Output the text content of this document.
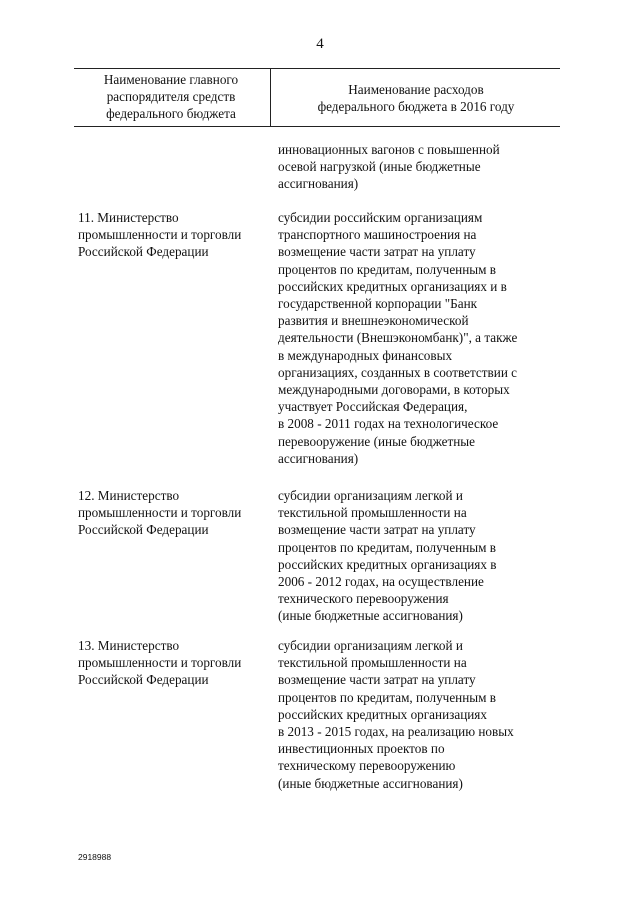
4
Наименование главного
распорядителя средств
федерального бюджета
Наименование расходов
федерального бюджета в 2016 году
инновационных вагонов с повышенной
осевой нагрузкой (иные бюджетные
ассигнования)
11. Министерство
промышленности и торговли
Российской Федерации
субсидии российским организациям
транспортного машиностроения на
возмещение части затрат на уплату
процентов по кредитам, полученным в
российских кредитных организациях и в
государственной корпорации "Банк
развития и внешнеэкономической
деятельности (Внешэкономбанк)", а также
в международных финансовых
организациях, созданных в соответствии с
международными договорами, в которых
участвует Российская Федерация,
в 2008 - 2011 годах на технологическое
перевооружение (иные бюджетные
ассигнования)
12. Министерство
промышленности и торговли
Российской Федерации
субсидии организациям легкой и
текстильной промышленности на
возмещение части затрат на уплату
процентов по кредитам, полученным в
российских кредитных организациях в
2006 - 2012 годах, на осуществление
технического перевооружения
(иные бюджетные ассигнования)
13. Министерство
промышленности и торговли
Российской Федерации
субсидии организациям легкой и
текстильной промышленности на
возмещение части затрат на уплату
процентов по кредитам, полученным в
российских кредитных организациях
в 2013 - 2015 годах, на реализацию новых
инвестиционных проектов по
техническому перевооружению
(иные бюджетные ассигнования)
2918988
